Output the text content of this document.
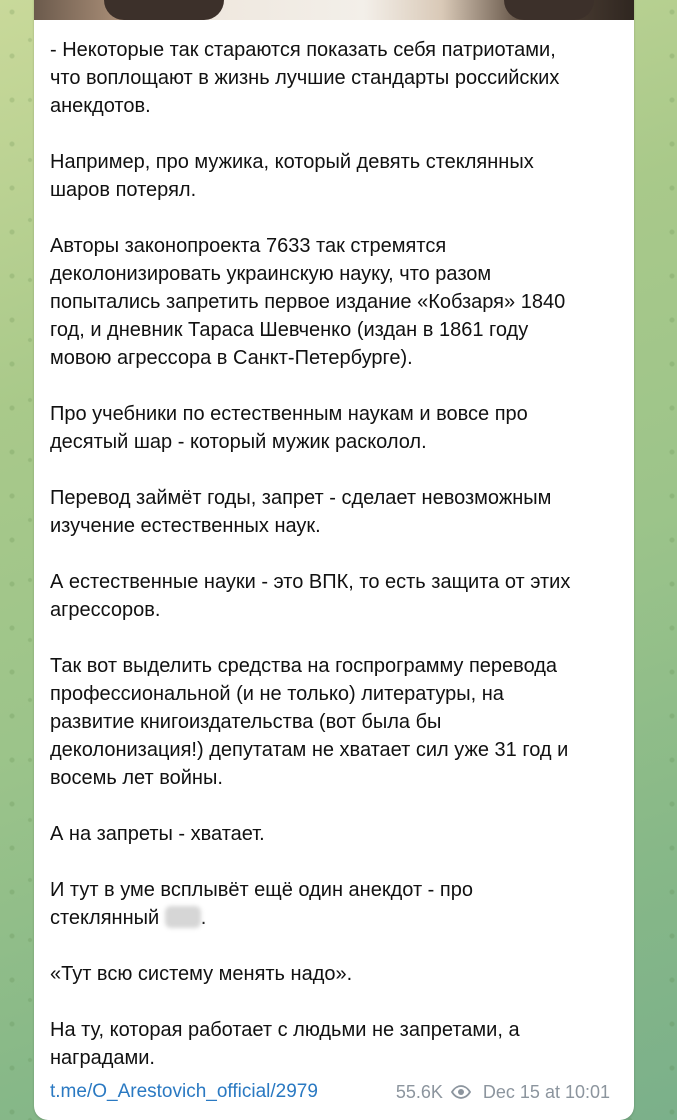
- Некоторые так стараются показать себя патриотами,
что воплощают в жизнь лучшие стандарты российских
анекдотов.

Например, про мужика, который девять стеклянных
шаров потерял.

Авторы законопроекта 7633 так стремятся
деколонизировать украинскую науку, что разом
попытались запретить первое издание «Кобзаря» 1840
год, и дневник Тараса Шевченко (издан в 1861 году
мовою агрессора в Санкт-Петербурге).

Про учебники по естественным наукам и вовсе про
десятый шар - который мужик расколол.

Перевод займёт годы, запрет - сделает невозможным
изучение естественных наук.

А естественные науки - это ВПК, то есть защита от этих
агрессоров.

Так вот выделить средства на госпрограмму перевода
профессиональной (и не только) литературы, на
развитие книгоиздательства (вот была бы
деколонизация!) депутатам не хватает сил уже 31 год и
восемь лет войны.

А на запреты - хватает.

И тут в уме всплывёт ещё один анекдот - про
стеклянный .

«Тут всю систему менять надо».

На ту, которая работает с людьми не запретами, а
наградами.

t.me/O_Arestovich_official/2979	55.6K Dec 15 at 10:01
